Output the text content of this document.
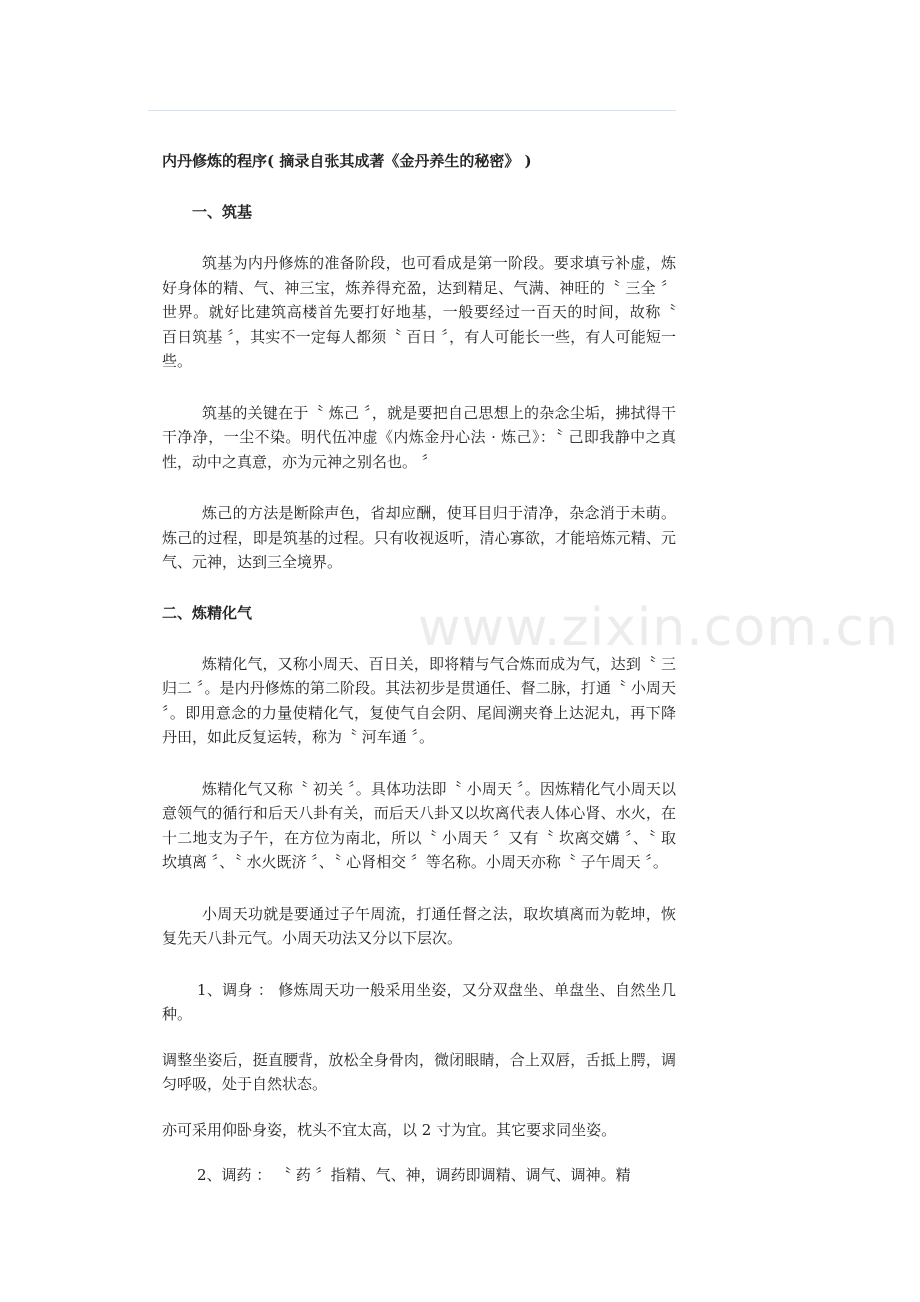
内丹修炼的程序( 摘录自张其成著《金丹养生的秘密》 )
一、筑基

筑基为内丹修炼的准备阶段，也可看成是第一阶段。要求填亏补虚，炼好身体的精、气、神三宝，炼养得充盈，达到精足、气满、神旺的〝 三全 〞世界。就好比建筑高楼首先要打好地基，一般要经过一百天的时间，故称〝 百日筑基 〞，其实不一定每人都须〝 百日 〞，有人可能长一些，有人可能短一些。

筑基的关键在于〝 炼己 〞，就是要把自己思想上的杂念尘垢，拂拭得干干净净，一尘不染。明代伍冲虚《内炼金丹心法 · 炼己》：〝 己即我静中之真性，动中之真意，亦为元神之别名也。 〞

炼己的方法是断除声色，省却应酬，使耳目归于清净，杂念消于未萌。炼己的过程，即是筑基的过程。只有收视返听，清心寡欲，才能培炼元精、元气、元神，达到三全境界。

二、炼精化气

炼精化气，又称小周天、百日关，即将精与气合炼而成为气，达到〝 三归二 〞。是内丹修炼的第二阶段。其法初步是贯通任、督二脉，打通〝 小周天 〞。即用意念的力量使精化气，复使气自会阴、尾闾溯夹脊上达泥丸，再下降丹田，如此反复运转，称为〝 河车通 〞。

炼精化气又称〝 初关 〞。具体功法即〝 小周天 〞。因炼精化气小周天以意领气的循行和后天八卦有关，而后天八卦又以坎离代表人体心肾、水火，在十二地支为子午，在方位为南北，所以〝 小周天 〞又有〝 坎离交媾 〞、〝 取坎填离 〞、〝 水火既济 〞、〝 心肾相交 〞等名称。小周天亦称〝 子午周天 〞。

小周天功就是要通过子午周流，打通任督之法，取坎填离而为乾坤，恢复先天八卦元气。小周天功法又分以下层次。

1、调身 ： 修炼周天功一般采用坐姿，又分双盘坐、单盘坐、自然坐几种。

调整坐姿后，挺直腰背，放松全身骨肉，微闭眼睛，合上双唇，舌抵上腭，调匀呼吸，处于自然状态。

亦可采用仰卧身姿，枕头不宜太高，以 2 寸为宜。其它要求同坐姿。

2、调药 ： 〝 药 〞指精、气、神，调药即调精、调气、调神。精

www.zixin.com.cn
